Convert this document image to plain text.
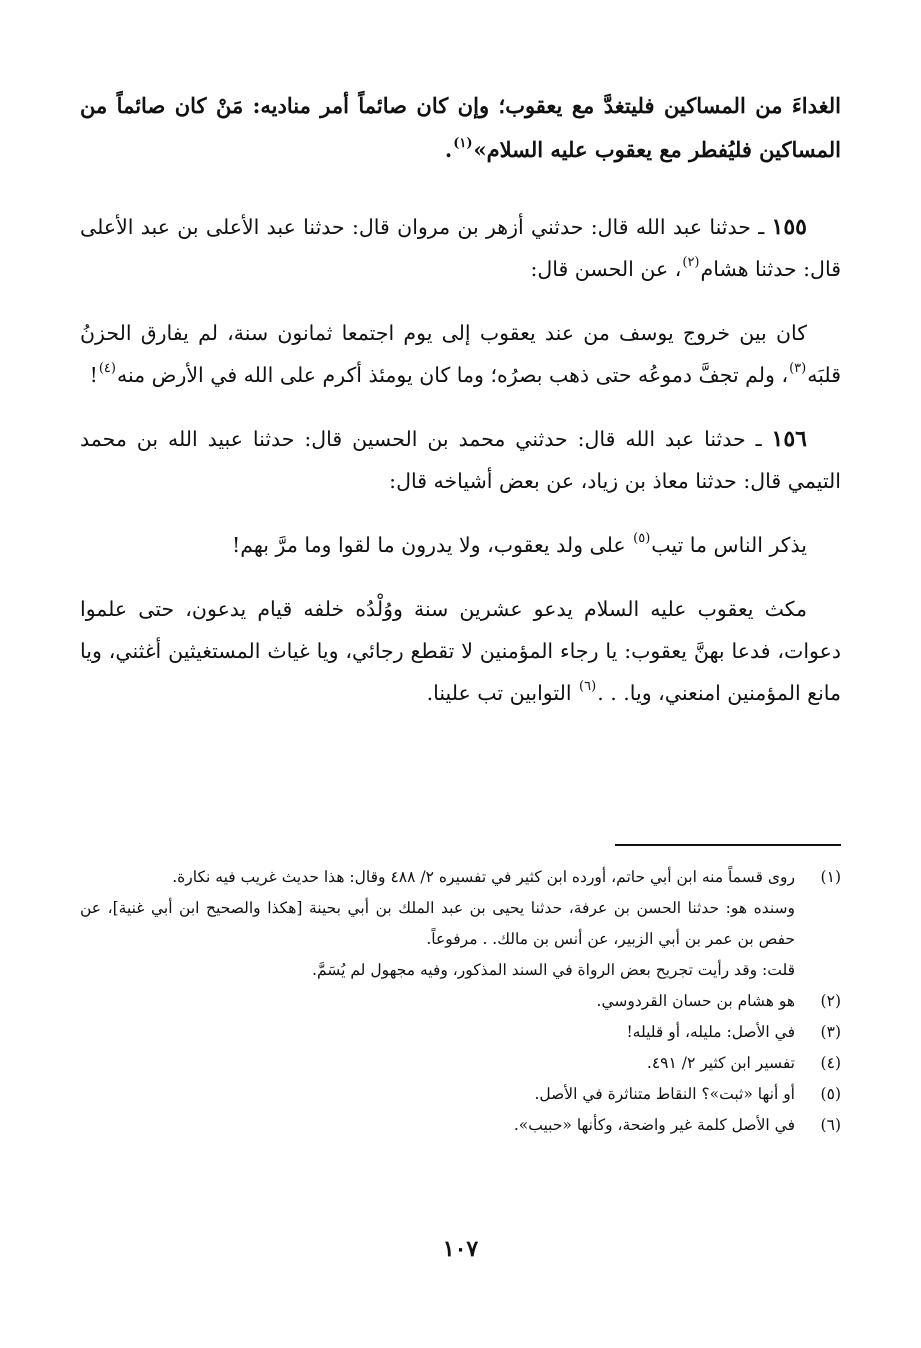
الغداءَ من المساكين فليتغدَّ مع يعقوب؛ وإن كان صائماً أمر مناديه: مَنْ كان صائماً من المساكين فليُفطر مع يعقوب عليه السلام»$^{(١)}$.

١٥٥ ـ حدثنا عبد الله قال: حدثني أزهر بن مروان قال: حدثنا عبد الأعلى بن عبد الأعلى قال: حدثنا هشام$^{(٢)}$، عن الحسن قال:

كان بين خروج يوسف من عند يعقوب إلى يوم اجتمعا ثمانون سنة، لم يفارق الحزنُ قلبَه$^{(٣)}$، ولم تجفَّ دموعُه حتى ذهب بصرُه؛ وما كان يومئذ أكرم على الله في الأرض منه$^{(٤)}$!

١٥٦ ـ حدثنا عبد الله قال: حدثني محمد بن الحسين قال: حدثنا عبيد الله بن محمد التيمي قال: حدثنا معاذ بن زياد، عن بعض أشياخه قال:

يذكر الناس ما تيب$^{(٥)}$ على ولد يعقوب، ولا يدرون ما لقوا وما مرَّ بهم!

مكث يعقوب عليه السلام يدعو عشرين سنة ووُلْدُه خلفه قيام يدعون، حتى علموا دعوات، فدعا بهنَّ يعقوب: يا رجاء المؤمنين لا تقطع رجائي، ويا غياث المستغيثين أغثني، ويا مانع المؤمنين امنعني، ويا. . .$^{(٦)}$ التوابين تب علينا.

(١)
روى قسماً منه ابن أبي حاتم، أورده ابن كثير في تفسيره ٢/ ٤٨٨ وقال: هذا حديث غريب فيه نكارة.
وسنده هو: حدثنا الحسن بن عرفة، حدثنا يحيى بن عبد الملك بن أبي بحينة [هكذا والصحيح ابن أبي غنية]، عن حفص بن عمر بن أبي الزبير، عن أنس بن مالك. . مرفوعاً.
قلت: وقد رأيت تجريح بعض الرواة في السند المذكور، وفيه مجهول لم يُسَمَّ.
(٢)
هو هشام بن حسان القردوسي.
(٣)
في الأصل: مليله، أو قليله!
(٤)
تفسير ابن كثير ٢/ ٤٩١.
(٥)
أو أنها «ثبت»؟ النقاط متناثرة في الأصل.
(٦)
في الأصل كلمة غير واضحة، وكأنها «حبيب».
١٠٧
